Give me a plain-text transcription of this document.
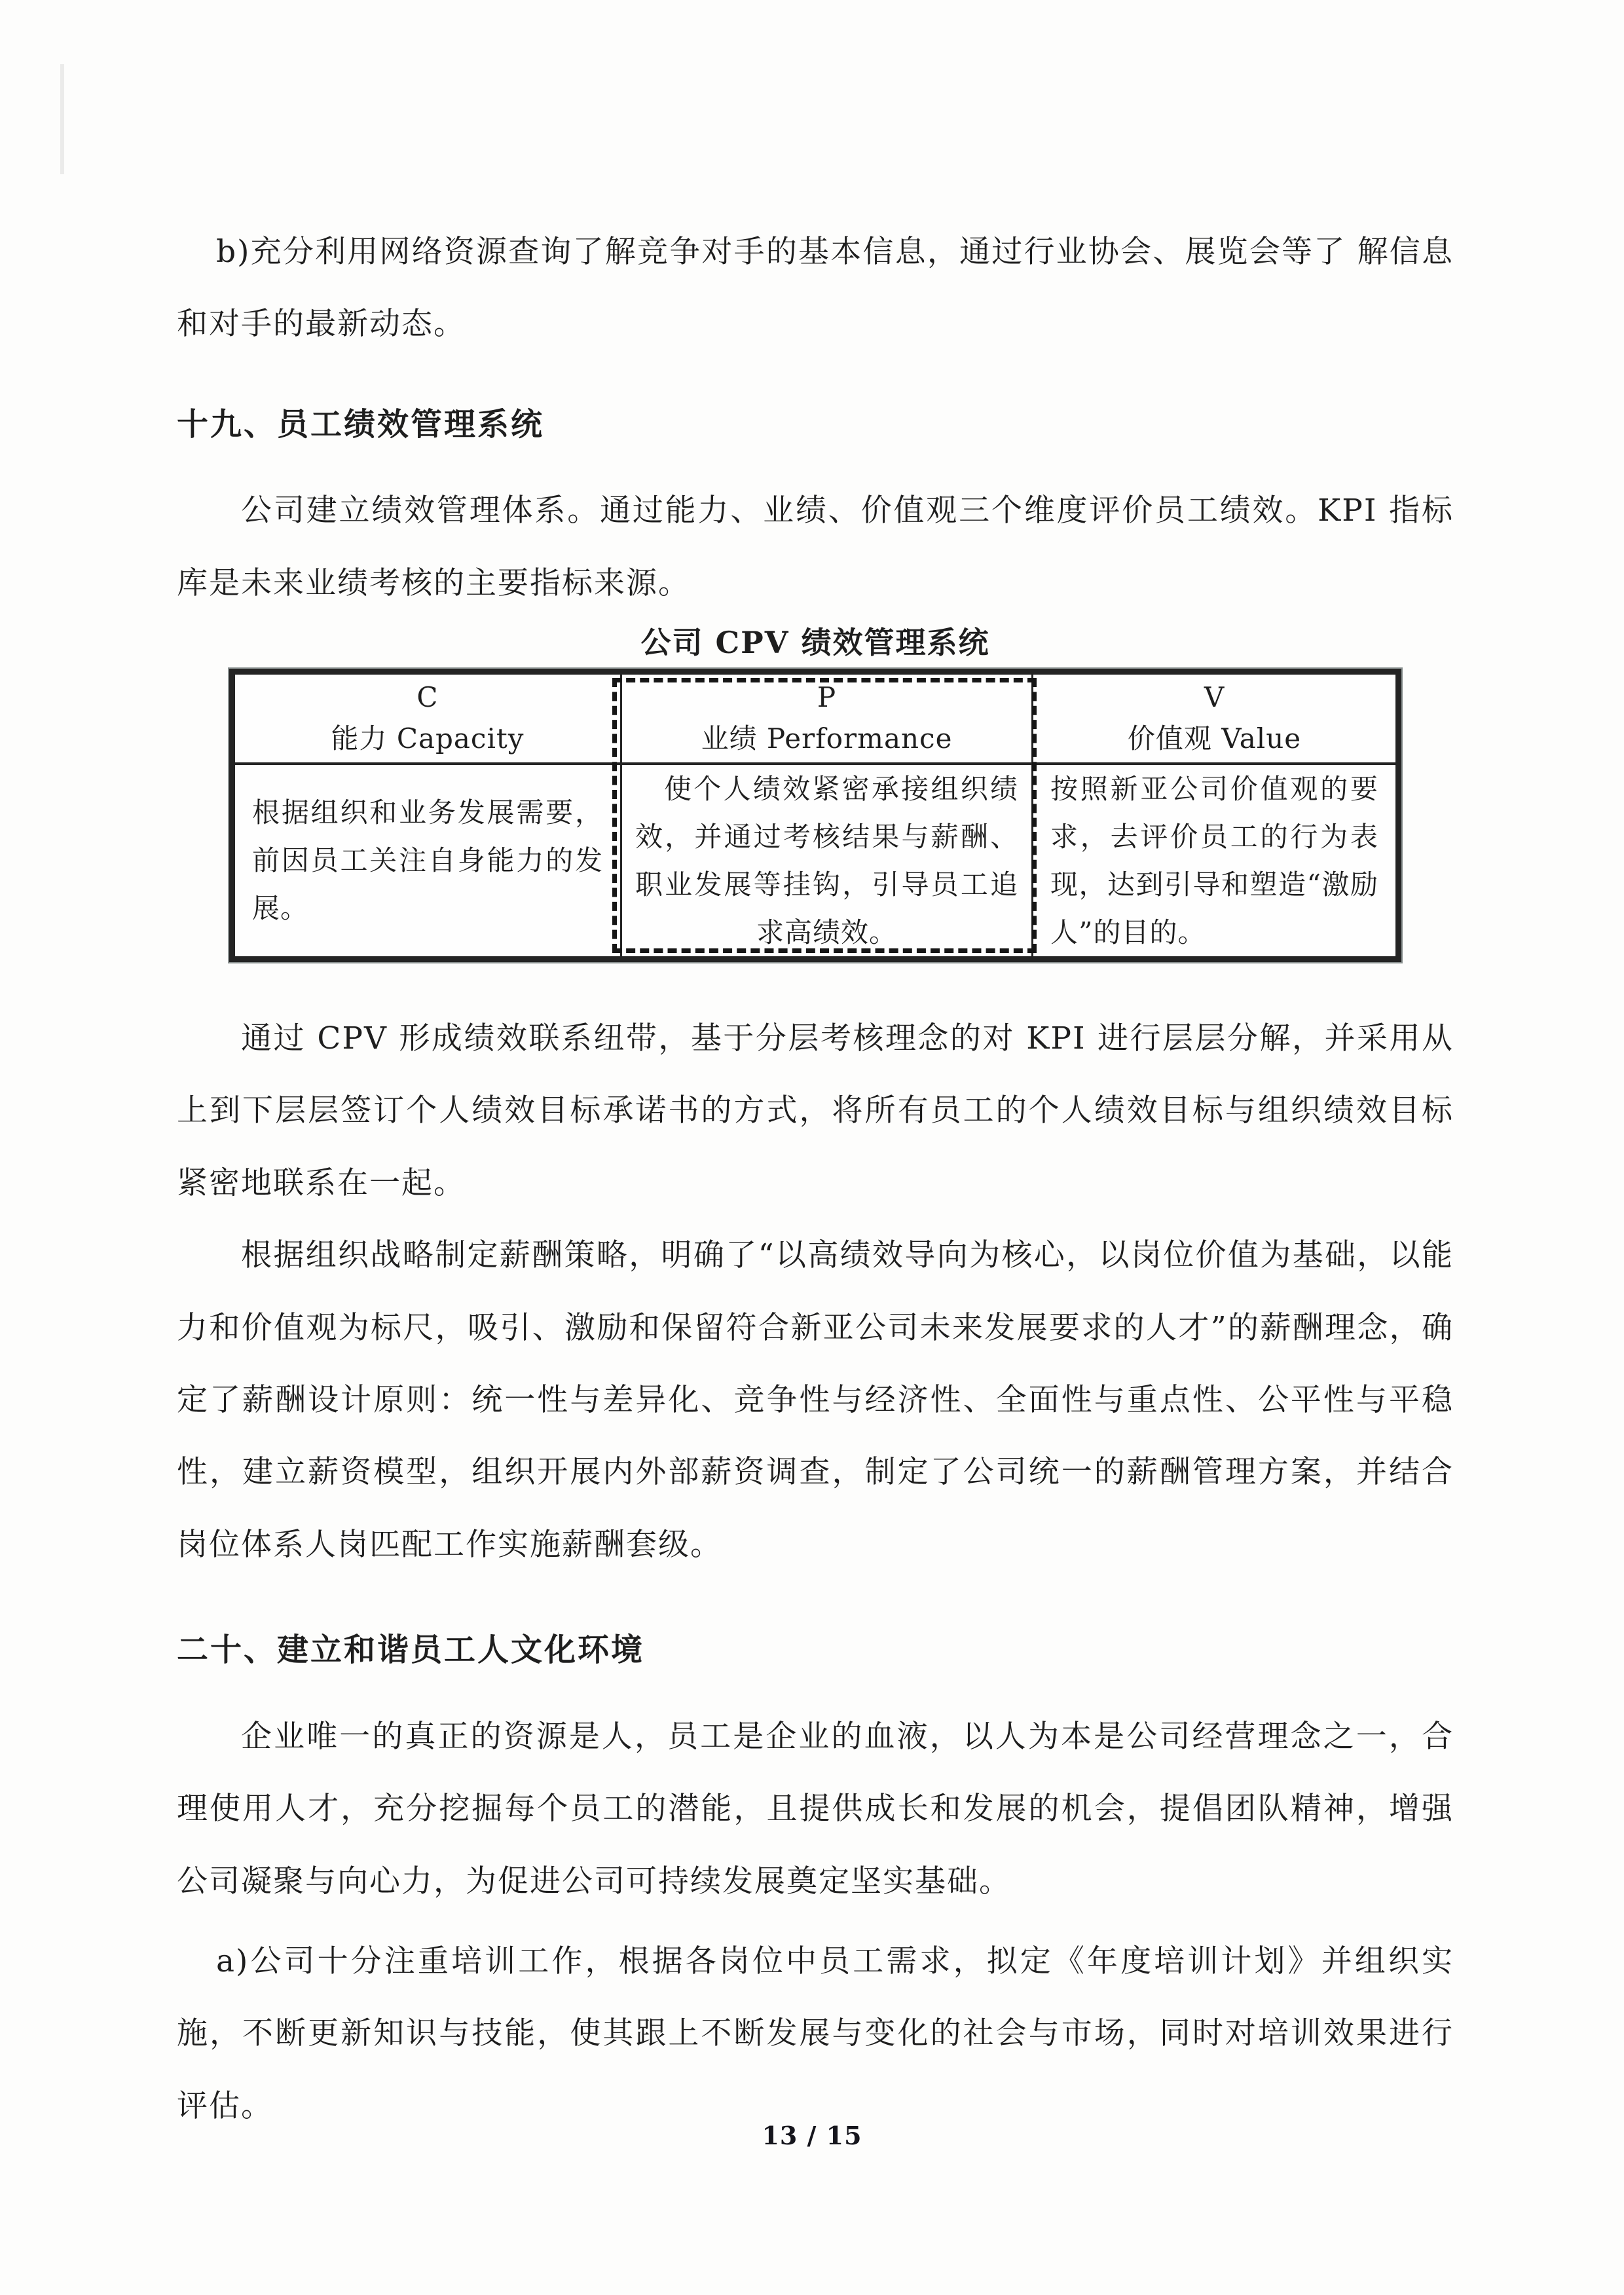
b)充分利用网络资源查询了解竞争对手的基本信息，通过行业协会、展览会等了 解信息和对手的最新动态。

十九、员工绩效管理系统

公司建立绩效管理体系。通过能力、业绩、价值观三个维度评价员工绩效。KPI 指标库是未来业绩考核的主要指标来源。

公司 CPV 绩效管理系统
C
能力 Capacity
P
业绩 Performance
V
价值观 Value
根据组织和业务发展需要，前因员工关注自身能力的发展。
使个人绩效紧密承接组织绩效，并通过考核结果与薪酬、职业发展等挂钩，引导员工追求高绩效。
按照新亚公司价值观的要求，去评价员工的行为表现，达到引导和塑造“激励人”的目的。

通过 CPV 形成绩效联系纽带，基于分层考核理念的对 KPI 进行层层分解，并采用从上到下层层签订个人绩效目标承诺书的方式，将所有员工的个人绩效目标与组织绩效目标紧密地联系在一起。

根据组织战略制定薪酬策略，明确了“以高绩效导向为核心，以岗位价值为基础，以能力和价值观为标尺，吸引、激励和保留符合新亚公司未来发展要求的人才”的薪酬理念，确定了薪酬设计原则：统一性与差异化、竞争性与经济性、全面性与重点性、公平性与平稳性，建立薪资模型，组织开展内外部薪资调查，制定了公司统一的薪酬管理方案，并结合岗位体系人岗匹配工作实施薪酬套级。

二十、建立和谐员工人文化环境

企业唯一的真正的资源是人，员工是企业的血液，以人为本是公司经营理念之一，合理使用人才，充分挖掘每个员工的潜能，且提供成长和发展的机会，提倡团队精神，增强公司凝聚与向心力，为促进公司可持续发展奠定坚实基础。

a)公司十分注重培训工作，根据各岗位中员工需求，拟定《年度培训计划》并组织实施，不断更新知识与技能，使其跟上不断发展与变化的社会与市场，同时对培训效果进行评估。

13 / 15
